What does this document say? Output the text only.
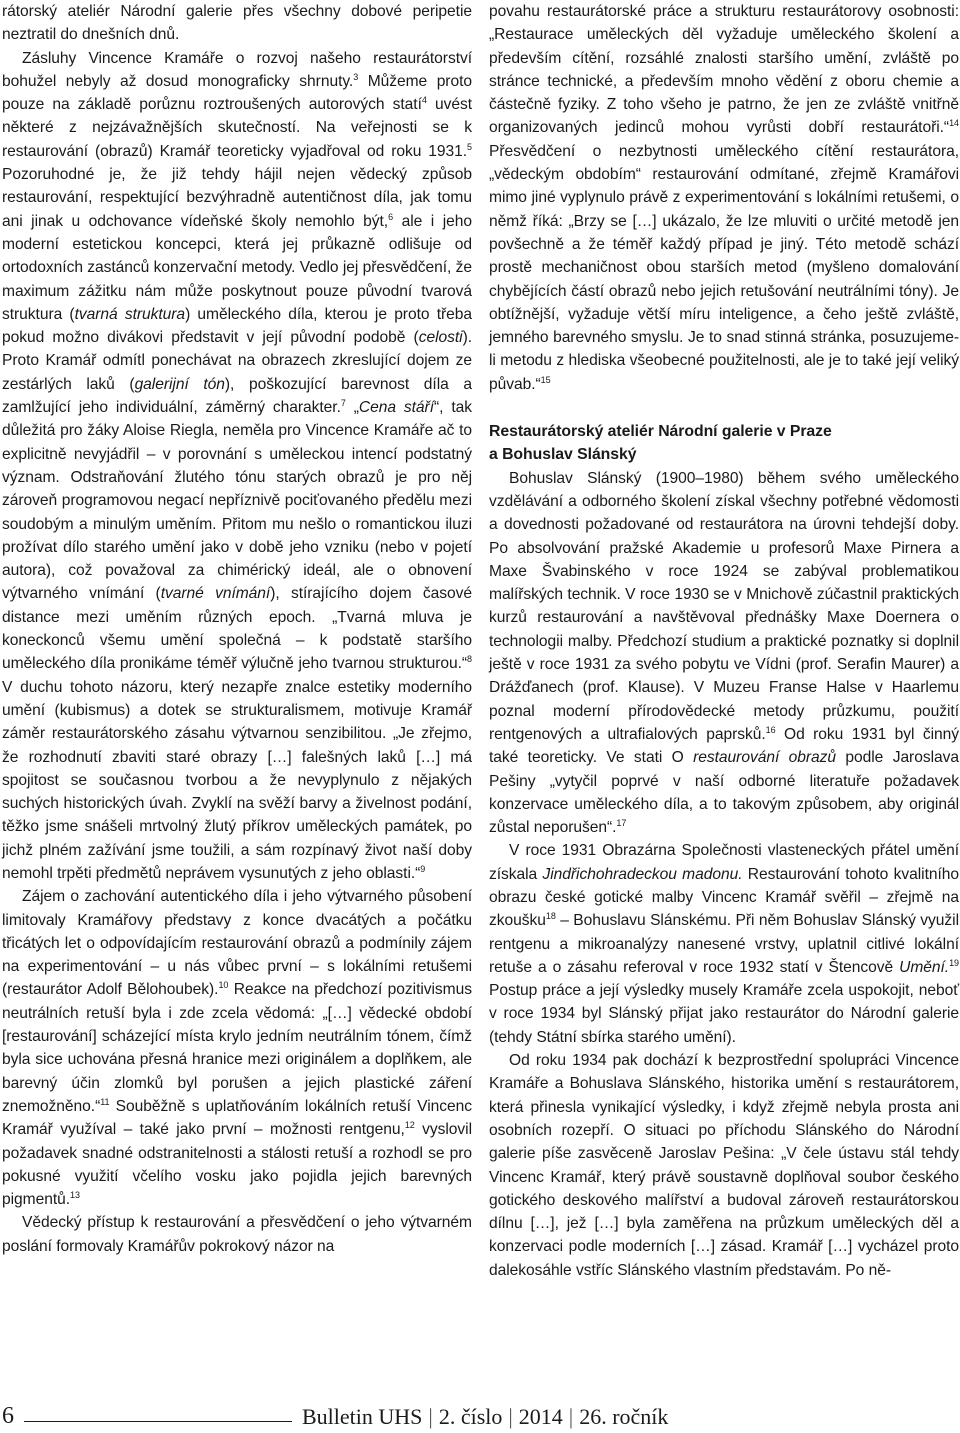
rátorský ateliér Národní galerie přes všechny dobové peripetie neztratil do dnešních dnů.

Zásluhy Vincence Kramáře o rozvoj našeho restaurátorství bohužel nebyly až dosud monograficky shrnuty.$^3$ Můžeme proto pouze na základě porůznu roztroušených autorových statí$^4$ uvést některé z nejzávažnějších skutečností. Na veřejnosti se k restaurování (obrazů) Kramář teoreticky vyjadřoval od roku 1931.$^5$ Pozoruhodné je, že již tehdy hájil nejen vědecký způsob restaurování, respektující bezvýhradně autentičnost díla, jak tomu ani jinak u odchovance vídeňské školy nemohlo být,$^6$ ale i jeho moderní estetickou koncepci, která jej průkazně odlišuje od ortodoxních zastánců konzervační metody. Vedlo jej přesvědčení, že maximum zážitku nám může poskytnout pouze původní tvarová struktura (tvarná struktura) uměleckého díla, kterou je proto třeba pokud možno divákovi představit v její původní podobě (celosti). Proto Kramář odmítl ponechávat na obrazech zkreslující dojem ze zestárlých laků (galerijní tón), poškozující barevnost díla a zamlžující jeho individuální, záměrný charakter.$^7$ „Cena stáří“, tak důležitá pro žáky Aloise Riegla, neměla pro Vincence Kramáře ač to explicitně nevyjádřil – v porovnání s uměleckou intencí podstatný význam. Odstraňování žlutého tónu starých obrazů je pro něj zároveň programovou negací nepříznivě pociťovaného předělu mezi soudobým a minulým uměním. Přitom mu nešlo o romantickou iluzi prožívat dílo starého umění jako v době jeho vzniku (nebo v pojetí autora), což považoval za chimérický ideál, ale o obnovení výtvarného vnímání (tvarné vnímání), stírajícího dojem časové distance mezi uměním různých epoch. „Tvarná mluva je koneckonců všemu umění společná – k podstatě staršího uměleckého díla pronikáme téměř výlučně jeho tvarnou strukturou.“$^8$ V duchu tohoto názoru, který nezapře znalce estetiky moderního umění (kubismus) a dotek se strukturalismem, motivuje Kramář záměr restaurátorského zásahu výtvarnou senzibilitou. „Je zřejmo, že rozhodnutí zbaviti staré obrazy […] falešných laků […] má spojitost se současnou tvorbou a že nevyplynulo z nějakých suchých historických úvah. Zvyklí na svěží barvy a živelnost podání, těžko jsme snášeli mrtvolný žlutý příkrov uměleckých památek, po jichž plném zažívání jsme toužili, a sám rozpínavý život naší doby nemohl trpěti předmětů neprávem vysunutých z jeho oblasti.“$^9$

Zájem o zachování autentického díla i jeho výtvarného působení limitovaly Kramářovy představy z konce dvacátých a počátku třicátých let o odpovídajícím restaurování obrazů a podmínily zájem na experimentování – u nás vůbec první – s lokálními retušemi (restaurátor Adolf Bělohoubek).$^{10}$ Reakce na předchozí pozitivismus neutrálních retuší byla i zde zcela vědomá: „[…] vědecké období [restaurování] scházející místa krylo jedním neutrálním tónem, čímž byla sice uchována přesná hranice mezi originálem a doplňkem, ale barevný účin zlomků byl porušen a jejich plastické záření znemožněno.“$^{11}$ Souběžně s uplatňováním lokálních retuší Vincenc Kramář využíval – také jako první – možnosti rentgenu,$^{12}$ vyslovil požadavek snadné odstranitelnosti a stálosti retuší a rozhodl se pro pokusné využití včelího vosku jako pojidla jejich barevných pigmentů.$^{13}$

Vědecký přístup k restaurování a přesvědčení o jeho výtvarném poslání formovaly Kramářův pokrokový názor na

povahu restaurátorské práce a strukturu restaurátorovy osobnosti: „Restaurace uměleckých děl vyžaduje uměleckého školení a především cítění, rozsáhlé znalosti staršího umění, zvláště po stránce technické, a především mnoho vědění z oboru chemie a částečně fyziky. Z toho všeho je patrno, že jen ze zvláště vnitřně organizovaných jedinců mohou vyrůsti dobří restaurátoři.“$^{14}$ Přesvědčení o nezbytnosti uměleckého cítění restaurátora, „vědeckým obdobím“ restaurování odmítané, zřejmě Kramářovi mimo jiné vyplynulo právě z experimentování s lokálními retušemi, o němž říká: „Brzy se […] ukázalo, že lze mluviti o určité metodě jen povšechně a že téměř každý případ je jiný. Této metodě schází prostě mechaničnost obou starších metod (myšleno domalování chybějících částí obrazů nebo jejich retušování neutrálními tóny). Je obtížnější, vyžaduje větší míru inteligence, a čeho ještě zvláště, jemného barevného smyslu. Je to snad stinná stránka, posuzujeme-li metodu z hlediska všeobecné použitelnosti, ale je to také její veliký půvab.“$^{15}$

Restaurátorský ateliér Národní galerie v Praze
a Bohuslav Slánský

Bohuslav Slánský (1900–1980) během svého uměleckého vzdělávání a odborného školení získal všechny potřebné vědomosti a dovednosti požadované od restaurátora na úrovni tehdejší doby. Po absolvování pražské Akademie u profesorů Maxe Pirnera a Maxe Švabinského v roce 1924 se zabýval problematikou malířských technik. V roce 1930 se v Mnichově zúčastnil praktických kurzů restaurování a navštěvoval přednášky Maxe Doernera o technologii malby. Předchozí studium a praktické poznatky si doplnil ještě v roce 1931 za svého pobytu ve Vídni (prof. Serafin Maurer) a Drážďanech (prof. Klause). V Muzeu Franse Halse v Haarlemu poznal moderní přírodovědecké metody průzkumu, použití rentgenových a ultrafialových paprsků.$^{16}$ Od roku 1931 byl činný také teoreticky. Ve stati O restaurování obrazů podle Jaroslava Pešiny „vytyčil poprvé v naší odborné literatuře požadavek konzervace uměleckého díla, a to takovým způsobem, aby originál zůstal neporušen“.$^{17}$

V roce 1931 Obrazárna Společnosti vlasteneckých přátel umění získala Jindřichohradeckou madonu. Restaurování tohoto kvalitního obrazu české gotické malby Vincenc Kramář svěřil – zřejmě na zkoušku$^{18}$ – Bohuslavu Slánskému. Při něm Bohuslav Slánský využil rentgenu a mikroanalýzy nanesené vrstvy, uplatnil citlivé lokální retuše a o zásahu referoval v roce 1932 statí v Štencově Umění.$^{19}$ Postup práce a její výsledky musely Kramáře zcela uspokojit, neboť v roce 1934 byl Slánský přijat jako restaurátor do Národní galerie (tehdy Státní sbírka starého umění).

Od roku 1934 pak dochází k bezprostřední spolupráci Vincence Kramáře a Bohuslava Slánského, historika umění s restaurátorem, která přinesla vynikající výsledky, i když zřejmě nebyla prosta ani osobních rozepří. O situaci po příchodu Slánského do Národní galerie píše zasvěceně Jaroslav Pešina: „V čele ústavu stál tehdy Vincenc Kramář, který právě soustavně doplňoval soubor českého gotického deskového malířství a budoval zároveň restaurátorskou dílnu […], jež […] byla zaměřena na průzkum uměleckých děl a konzervaci podle moderních […] zásad. Kramář […] vycházel proto dalekosáhle vstříc Slánského vlastním představám. Po ně-

6	Bulletin UHS | 2. číslo | 2014 | 26. ročník
